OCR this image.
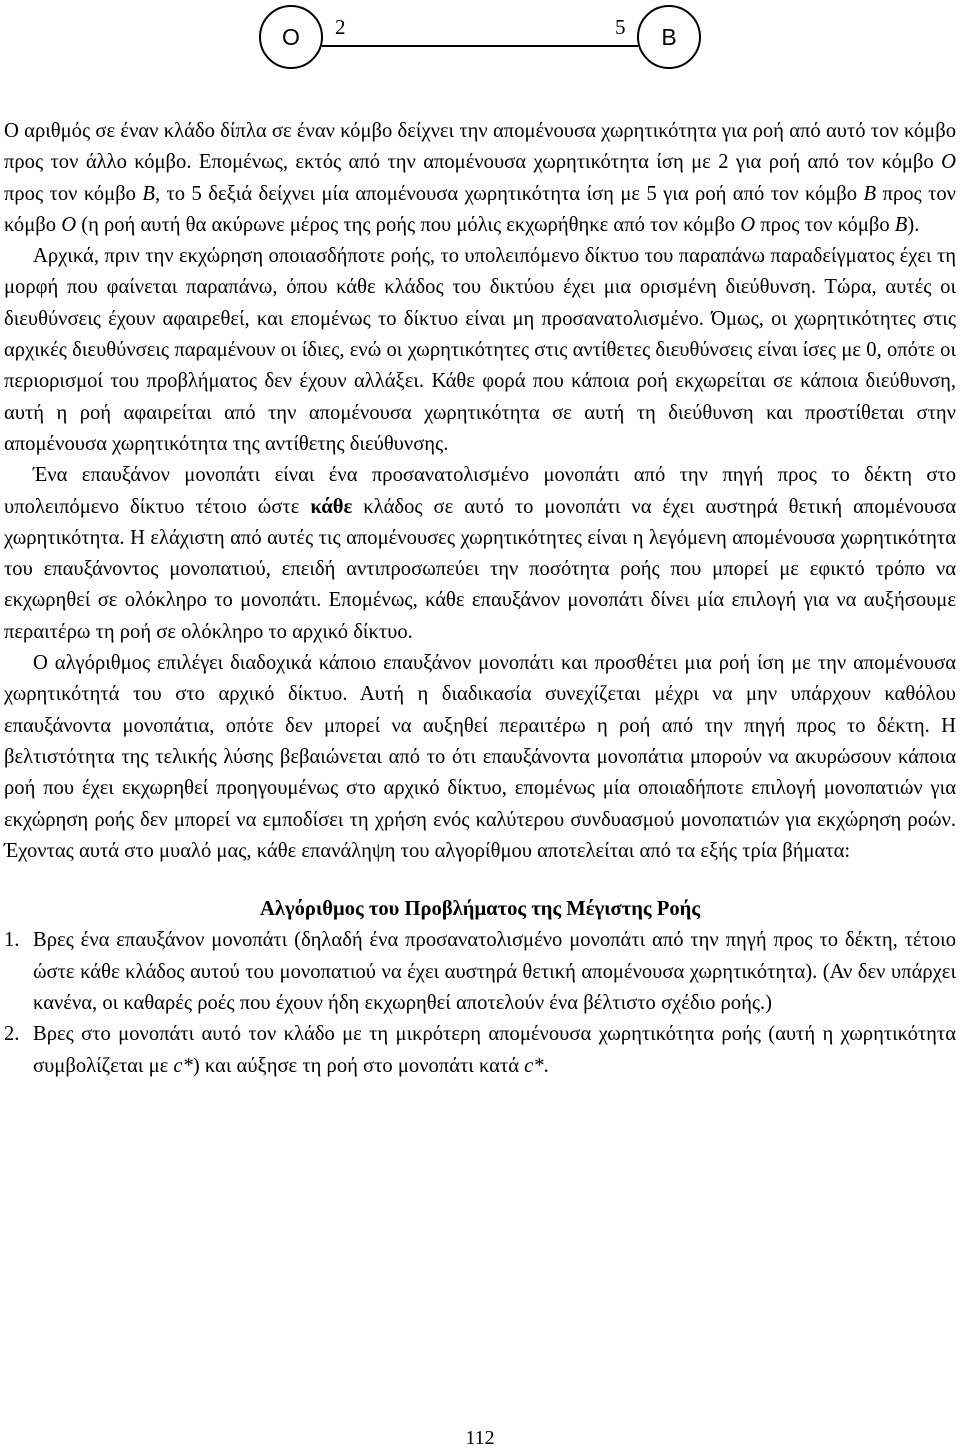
2	5
O	B

Ο αριθμός σε έναν κλάδο δίπλα σε έναν κόμβο δείχνει την απομένουσα χωρητικότητα για ροή από αυτό τον κόμβο προς τον άλλο κόμβο. Επομένως, εκτός από την απομένουσα χωρητικότητα ίση με 2 για ροή από τον κόμβο O προς τον κόμβο B, το 5 δεξιά δείχνει μία απομένουσα χωρητικότητα ίση με 5 για ροή από τον κόμβο B προς τον κόμβο O (η ροή αυτή θα ακύρωνε μέρος της ροής που μόλις εκχωρήθηκε από τον κόμβο O προς τον κόμβο B).

Αρχικά, πριν την εκχώρηση οποιασδήποτε ροής, το υπολειπόμενο δίκτυο του παραπάνω παραδείγματος έχει τη μορφή που φαίνεται παραπάνω, όπου κάθε κλάδος του δικτύου έχει μια ορισμένη διεύθυνση. Τώρα, αυτές οι διευθύνσεις έχουν αφαιρεθεί, και επομένως το δίκτυο είναι μη προσανατολισμένο. Όμως, οι χωρητικότητες στις αρχικές διευθύνσεις παραμένουν οι ίδιες, ενώ οι χωρητικότητες στις αντίθετες διευθύνσεις είναι ίσες με 0, οπότε οι περιορισμοί του προβλήματος δεν έχουν αλλάξει. Κάθε φορά που κάποια ροή εκχωρείται σε κάποια διεύθυνση, αυτή η ροή αφαιρείται από την απομένουσα χωρητικότητα σε αυτή τη διεύθυνση και προστίθεται στην απομένουσα χωρητικότητα της αντίθετης διεύθυνσης.

Ένα επαυξάνον μονοπάτι είναι ένα προσανατολισμένο μονοπάτι από την πηγή προς το δέκτη στο υπολειπόμενο δίκτυο τέτοιο ώστε κάθε κλάδος σε αυτό το μονοπάτι να έχει αυστηρά θετική απομένουσα χωρητικότητα. Η ελάχιστη από αυτές τις απομένουσες χωρητικότητες είναι η λεγόμενη απομένουσα χωρητικότητα του επαυξάνοντος μονοπατιού, επειδή αντιπροσωπεύει την ποσότητα ροής που μπορεί με εφικτό τρόπο να εκχωρηθεί σε ολόκληρο το μονοπάτι. Επομένως, κάθε επαυξάνον μονοπάτι δίνει μία επιλογή για να αυξήσουμε περαιτέρω τη ροή σε ολόκληρο το αρχικό δίκτυο.

Ο αλγόριθμος επιλέγει διαδοχικά κάποιο επαυξάνον μονοπάτι και προσθέτει μια ροή ίση με την απομένουσα χωρητικότητά του στο αρχικό δίκτυο. Αυτή η διαδικασία συνεχίζεται μέχρι να μην υπάρχουν καθόλου επαυξάνοντα μονοπάτια, οπότε δεν μπορεί να αυξηθεί περαιτέρω η ροή από την πηγή προς το δέκτη. Η βελτιστότητα της τελικής λύσης βεβαιώνεται από το ότι επαυξάνοντα μονοπάτια μπορούν να ακυρώσουν κάποια ροή που έχει εκχωρηθεί προηγουμένως στο αρχικό δίκτυο, επομένως μία οποιαδήποτε επιλογή μονοπατιών για εκχώρηση ροής δεν μπορεί να εμποδίσει τη χρήση ενός καλύτερου συνδυασμού μονοπατιών για εκχώρηση ροών. Έχοντας αυτά στο μυαλό μας, κάθε επανάληψη του αλγορίθμου αποτελείται από τα εξής τρία βήματα:

Αλγόριθμος του Προβλήματος της Μέγιστης Ροής
1. Βρες ένα επαυξάνον μονοπάτι (δηλαδή ένα προσανατολισμένο μονοπάτι από την πηγή προς το δέκτη, τέτοιο ώστε κάθε κλάδος αυτού του μονοπατιού να έχει αυστηρά θετική απομένουσα χωρητικότητα). (Αν δεν υπάρχει κανένα, οι καθαρές ροές που έχουν ήδη εκχωρηθεί αποτελούν ένα βέλτιστο σχέδιο ροής.)
2. Βρες στο μονοπάτι αυτό τον κλάδο με τη μικρότερη απομένουσα χωρητικότητα ροής (αυτή η χωρητικότητα συμβολίζεται με c*) και αύξησε τη ροή στο μονοπάτι κατά c*.
112
